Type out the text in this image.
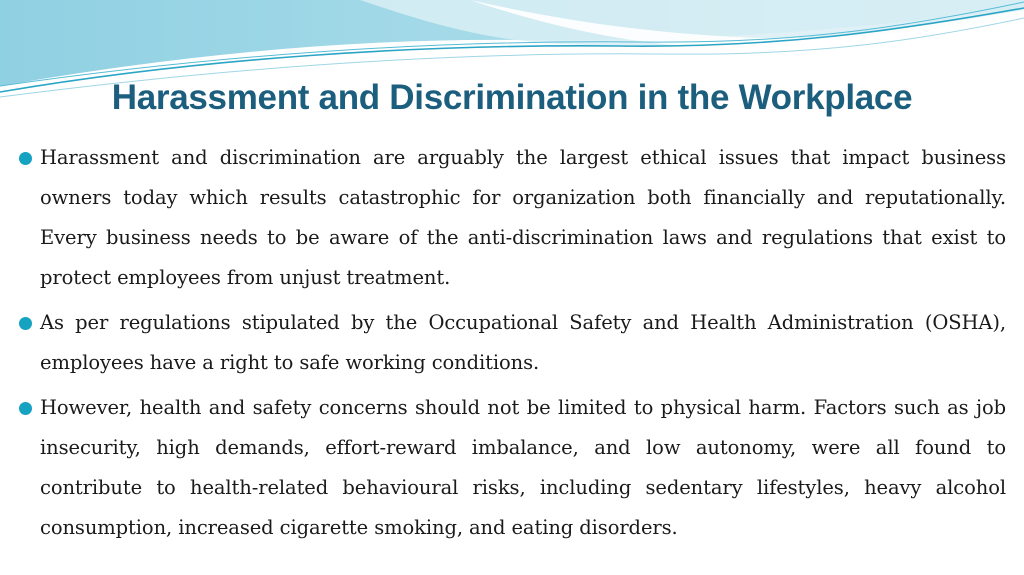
Harassment and Discrimination in the Workplace
Harassment and discrimination are arguably the largest ethical issues that impact business owners today which results catastrophic for organization both financially and reputationally. Every business needs to be aware of the anti-discrimination laws and regulations that exist to protect employees from unjust treatment.
As per regulations stipulated by the Occupational Safety and Health Administration (OSHA), employees have a right to safe working conditions.
However, health and safety concerns should not be limited to physical harm. Factors such as job insecurity, high demands, effort-reward imbalance, and low autonomy, were all found to contribute to health-related behavioural risks, including sedentary lifestyles, heavy alcohol consumption, increased cigarette smoking, and eating disorders.
